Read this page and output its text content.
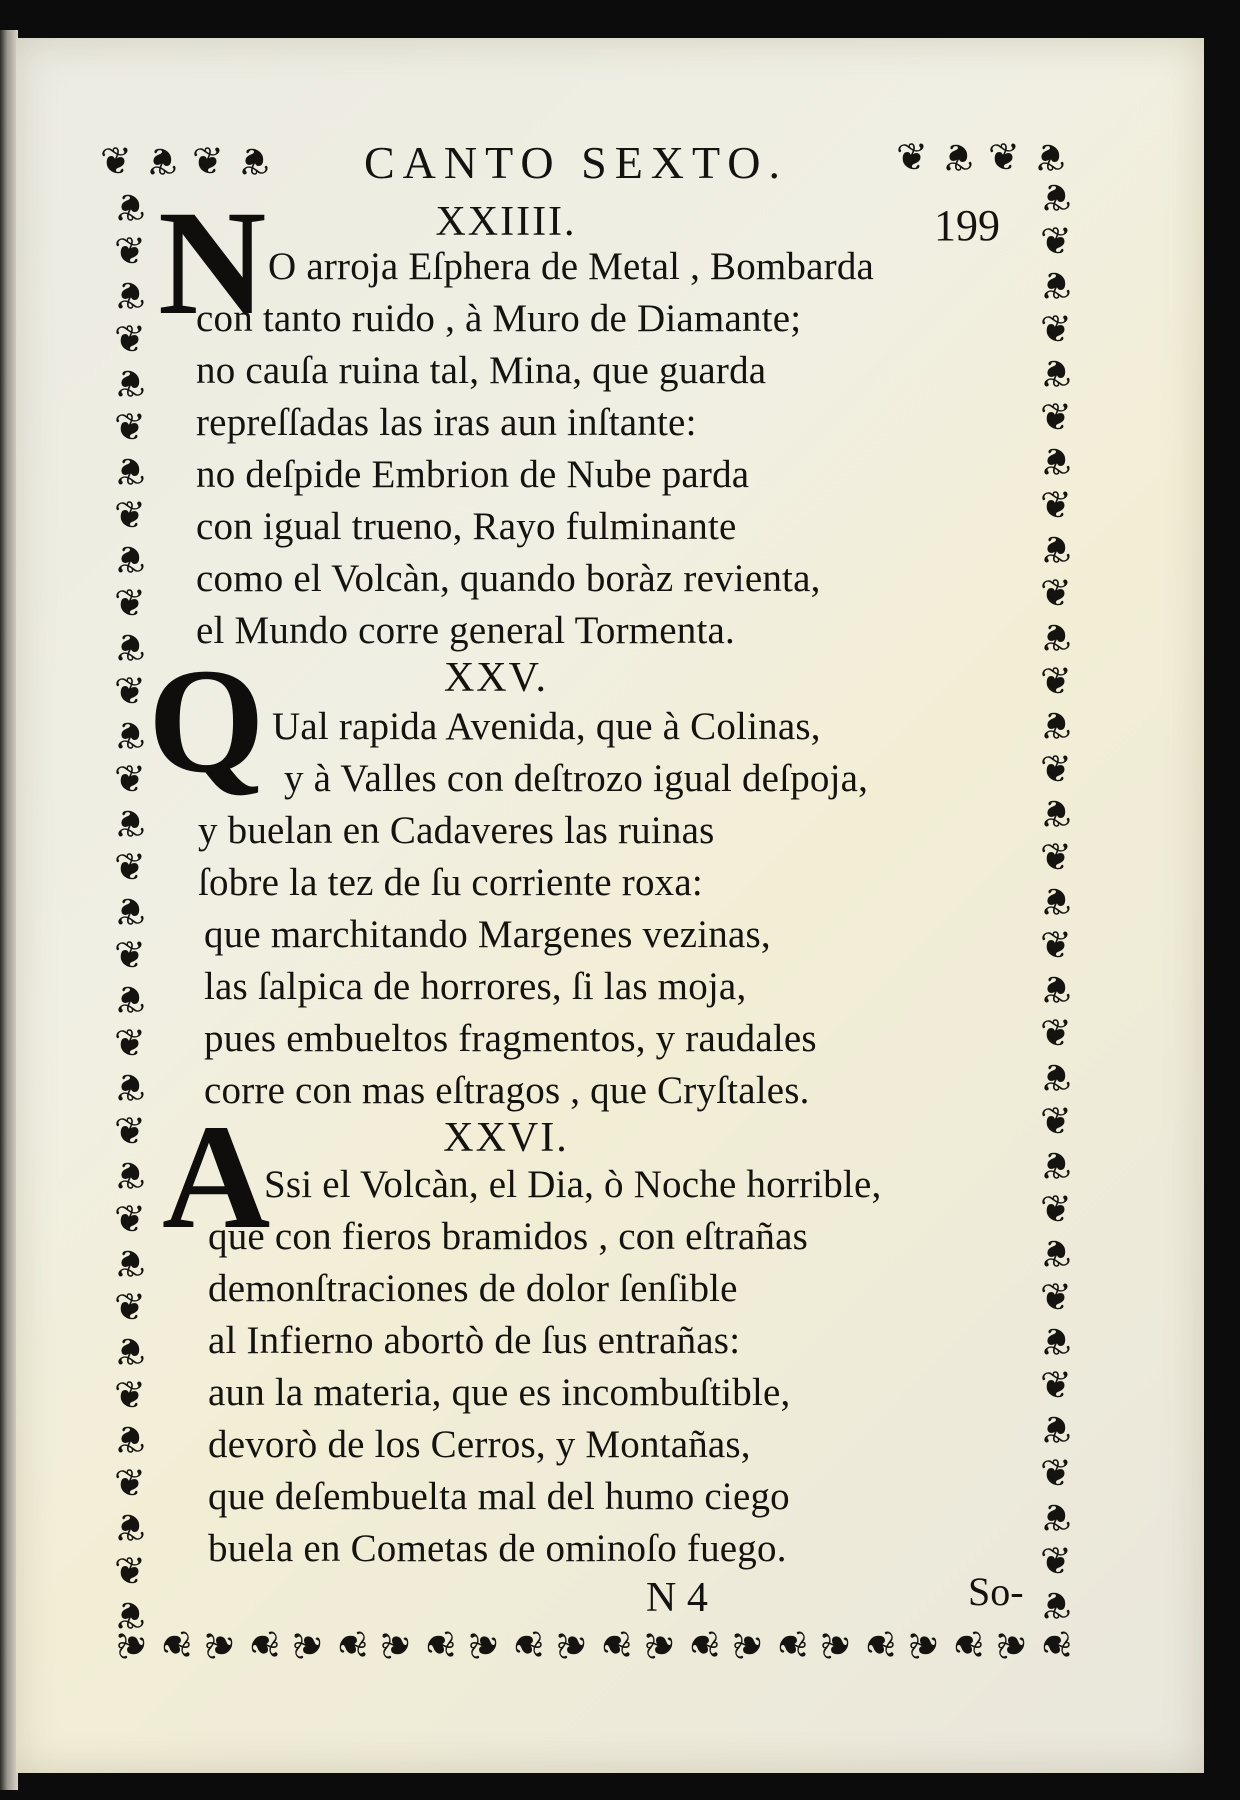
❦ ❦ ❦ ❦	❦ ❦ ❦ ❦
❦
❦
❦
❦
❦
❦
❦
❦
❦
❦
❦
❦
❦
❦
❦
❦
❦
❦
❦
❦
❦
❦
❦
❦
❦
❦
❦
❦
❦
❦
❦
❦
❦
❦
❦
❦
❦
❦
❦
❦
❦
❦
❦
❦
❦
❦
❦
❦
❦
❦
❦
❦
❦
❦
❦
❦
❦
❦
❦
❦
❦
❦
❦
❦
❦
❦
❦ ❦ ❦ ❦ ❦ ❦ ❦ ❦ ❦ ❦ ❦ ❦ ❦ ❦ ❦ ❦ ❦ ❦ ❦ ❦ ❦ ❦
CANTO SEXTO.
199
XXIIII.
N O arroja Eſphera de Metal , Bombarda
con tanto ruido , à Muro de Diamante;
no cauſa ruina tal, Mina, que guarda
repreſſadas las iras aun inſtante:
no deſpide Embrion de Nube parda
con igual trueno, Rayo fulminante
como el Volcàn, quando boràz revienta,
el Mundo corre general Tormenta.
XXV.
Q Ual rapida Avenida, que à Colinas,
y à Valles con deſtrozo igual deſpoja,
y buelan en Cadaveres las ruinas
ſobre la tez de ſu corriente roxa:
que marchitando Margenes vezinas,
las ſalpica de horrores, ſi las moja,
pues embueltos fragmentos, y raudales
corre con mas eſtragos , que Cryſtales.
XXVI.
A
Ssi el Volcàn, el Dia, ò Noche horrible,
que con fieros bramidos , con eſtrañas
demonſtraciones de dolor ſenſible
al Infierno abortò de ſus entrañas:
aun la materia, que es incombuſtible,
devorò de los Cerros, y Montañas,
que deſembuelta mal del humo ciego
buela en Cometas de ominoſo fuego.
N 4	So-
